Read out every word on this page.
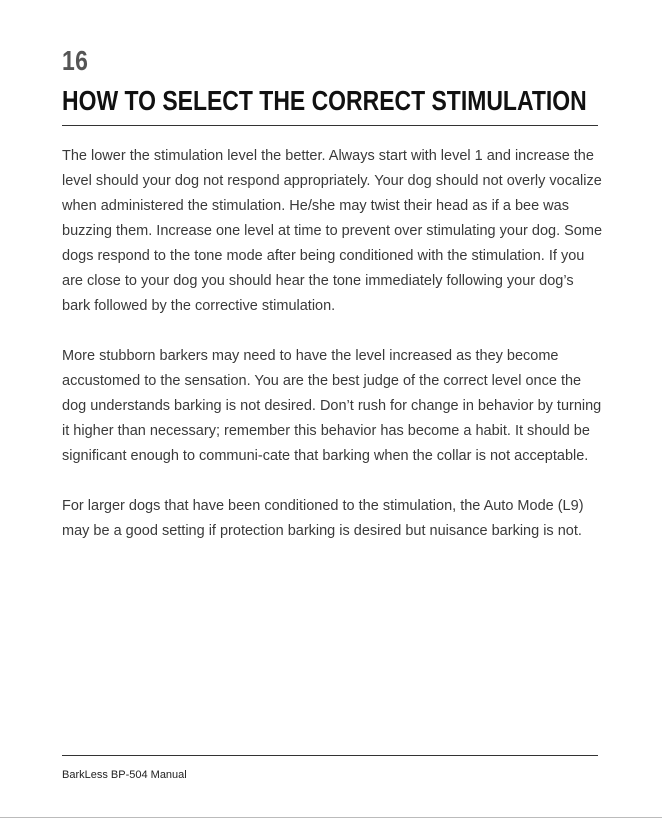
16
HOW TO SELECT THE CORRECT STIMULATION

The lower the stimulation level the better. Always start with level 1 and increase the level should your dog not respond appropriately. Your dog should not overly vocalize when administered the stimulation. He/she may twist their head as if a bee was buzzing them. Increase one level at time to prevent over stimulating your dog. Some dogs respond to the tone mode after being conditioned with the stimulation. If you are close to your dog you should hear the tone immediately following your dog’s bark followed by the corrective stimulation.

More stubborn barkers may need to have the level increased as they become accustomed to the sensation. You are the best judge of the correct level once the dog understands barking is not desired. Don’t rush for change in behavior by turning it higher than necessary; remember this behavior has become a habit. It should be significant enough to communi-cate that barking when the collar is not acceptable.

For larger dogs that have been conditioned to the stimulation, the Auto Mode (L9) may be a good setting if protection barking is desired but nuisance barking is not.

BarkLess BP-504 Manual
